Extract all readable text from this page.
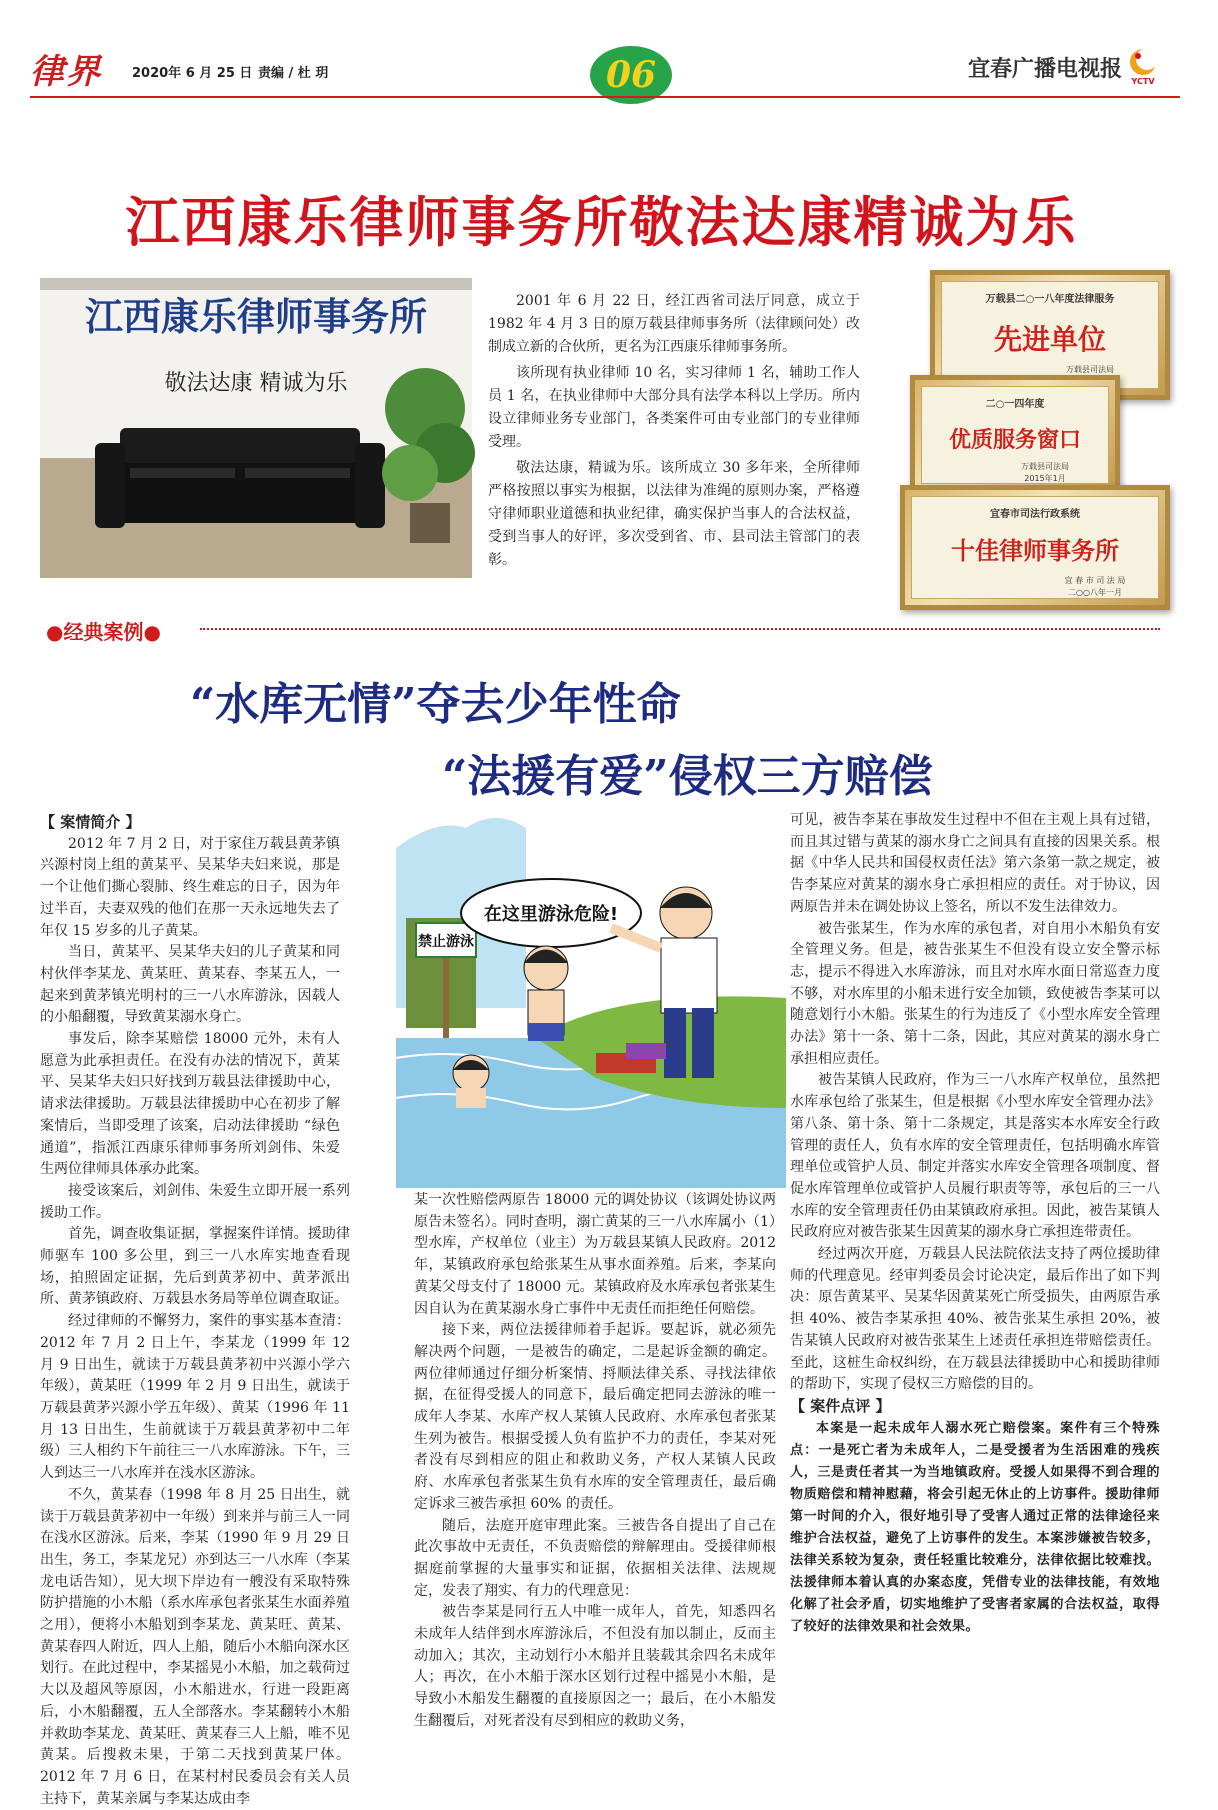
律界 2020年 6 月 25 日 责编 / 杜 玥	06	宜春广播电视报 YCTV
江西康乐律师事务所敬法达康精诚为乐
江西康乐律师事务所
敬法达康 精诚为乐

2001 年 6 月 22 日，经江西省司法厅同意，成立于 1982 年 4 月 3 日的原万载县律师事务所（法律顾问处）改制成立新的合伙所，更名为江西康乐律师事务所。

该所现有执业律师 10 名，实习律师 1 名，辅助工作人员 1 名，在执业律师中大部分具有法学本科以上学历。所内设立律师业务专业部门，各类案件可由专业部门的专业律师受理。

敬法达康，精诚为乐。该所成立 30 多年来，全所律师严格按照以事实为根据，以法律为准绳的原则办案，严格遵守律师职业道德和执业纪律，确实保护当事人的合法权益，受到当事人的好评，多次受到省、市、县司法主管部门的表彰。

万载县二○一八年度法律服务
先进单位
万载县司法局
二○一四年度
优质服务窗口
万载县司法局
2015年1月
宜春市司法行政系统
十佳律师事务所
宜 春 市 司 法 局
二○○八年一月
●经典案例●
“水库无情”夺去少年性命
“法援有爱”侵权三方赔偿
【 案情简介 】

2012 年 7 月 2 日，对于家住万载县黄茅镇兴源村岗上组的黄某平、吴某华夫妇来说，那是一个让他们撕心裂肺、终生难忘的日子，因为年过半百，夫妻双残的他们在那一天永远地失去了年仅 15 岁多的儿子黄某。

当日，黄某平、吴某华夫妇的儿子黄某和同村伙伴李某龙、黄某旺、黄某春、李某五人，一起来到黄茅镇光明村的三一八水库游泳，因载人的小船翻覆，导致黄某溺水身亡。

事发后，除李某赔偿 18000 元外，未有人愿意为此承担责任。在没有办法的情况下，黄某平、吴某华夫妇只好找到万载县法律援助中心，请求法律援助。万载县法律援助中心在初步了解案情后，当即受理了该案，启动法律援助 “绿色通道”，指派江西康乐律师事务所刘剑伟、朱爱生两位律师具体承办此案。

接受该案后，刘剑伟、朱爱生立即开展一系列援助工作。

首先，调查收集证据，掌握案件详情。援助律师驱车 100 多公里，到三一八水库实地查看现场，拍照固定证据，先后到黄茅初中、黄茅派出所、黄茅镇政府、万载县水务局等单位调查取证。

经过律师的不懈努力，案件的事实基本查清：2012 年 7 月 2 日上午，李某龙（1999 年 12 月 9 日出生，就读于万载县黄茅初中兴源小学六年级），黄某旺（1999 年 2 月 9 日出生，就读于万载县黄茅兴源小学五年级）、黄某（1996 年 11 月 13 日出生，生前就读于万载县黄茅初中二年级）三人相约下午前往三一八水库游泳。下午，三人到达三一八水库并在浅水区游泳。

不久，黄某春（1998 年 8 月 25 日出生，就读于万载县黄茅初中一年级）到来并与前三人一同在浅水区游泳。后来，李某（1990 年 9 月 29 日出生，务工，李某龙兄）亦到达三一八水库（李某龙电话告知），见大坝下岸边有一艘没有采取特殊防护措施的小木船（系水库承包者张某生水面养殖之用），便将小木船划到李某龙、黄某旺、黄某、黄某春四人附近，四人上船，随后小木船向深水区划行。在此过程中，李某摇晃小木船，加之载荷过大以及超风等原因，小木船进水，行进一段距离后，小木船翻覆，五人全部落水。李某翻转小木船并救助李某龙、黄某旺、黄某春三人上船，唯不见黄某。后搜救未果，于第二天找到黄某尸体。2012 年 7 月 6 日，在某村村民委员会有关人员主持下，黄某亲属与李某达成由李

禁止游泳
在这里游泳危险!

某一次性赔偿两原告 18000 元的调处协议（该调处协议两原告未签名）。同时查明，溺亡黄某的三一八水库属小（1）型水库，产权单位（业主）为万载县某镇人民政府。2012 年，某镇政府承包给张某生从事水面养殖。后来，李某向黄某父母支付了 18000 元。某镇政府及水库承包者张某生因自认为在黄某溺水身亡事件中无责任而拒绝任何赔偿。

接下来，两位法援律师着手起诉。要起诉，就必须先解决两个问题，一是被告的确定，二是起诉金额的确定。两位律师通过仔细分析案情、捋顺法律关系、寻找法律依据，在征得受援人的同意下，最后确定把同去游泳的唯一成年人李某、水库产权人某镇人民政府、水库承包者张某生列为被告。根据受援人负有监护不力的责任，李某对死者没有尽到相应的阻止和救助义务，产权人某镇人民政府、水库承包者张某生负有水库的安全管理责任，最后确定诉求三被告承担 60% 的责任。

随后，法庭开庭审理此案。三被告各自提出了自己在此次事故中无责任，不负责赔偿的辩解理由。受援律师根据庭前掌握的大量事实和证据，依据相关法律、法规规定，发表了翔实、有力的代理意见：

被告李某是同行五人中唯一成年人，首先，知悉四名未成年人结伴到水库游泳后，不但没有加以制止，反而主动加入；其次，主动划行小木船并且装载其余四名未成年人；再次，在小木船于深水区划行过程中摇晃小木船，是导致小木船发生翻覆的直接原因之一；最后，在小木船发生翻覆后，对死者没有尽到相应的救助义务，

可见，被告李某在事故发生过程中不但在主观上具有过错，而且其过错与黄某的溺水身亡之间具有直接的因果关系。根据《中华人民共和国侵权责任法》第六条第一款之规定，被告李某应对黄某的溺水身亡承担相应的责任。对于协议，因两原告并未在调处协议上签名，所以不发生法律效力。

被告张某生，作为水库的承包者，对自用小木船负有安全管理义务。但是，被告张某生不但没有设立安全警示标志，提示不得进入水库游泳，而且对水库水面日常巡查力度不够，对水库里的小船未进行安全加锁，致使被告李某可以随意划行小木船。张某生的行为违反了《小型水库安全管理办法》第十一条、第十二条，因此，其应对黄某的溺水身亡承担相应责任。

被告某镇人民政府，作为三一八水库产权单位，虽然把水库承包给了张某生，但是根据《小型水库安全管理办法》第八条、第十条、第十二条规定，其是落实本水库安全行政管理的责任人，负有水库的安全管理责任，包括明确水库管理单位或管护人员、制定并落实水库安全管理各项制度、督促水库管理单位或管护人员履行职责等等，承包后的三一八水库的安全管理责任仍由某镇政府承担。因此，被告某镇人民政府应对被告张某生因黄某的溺水身亡承担连带责任。

经过两次开庭，万载县人民法院依法支持了两位援助律师的代理意见。经审判委员会讨论决定，最后作出了如下判决：原告黄某平、吴某华因黄某死亡所受损失，由两原告承担 40%、被告李某承担 40%、被告张某生承担 20%，被告某镇人民政府对被告张某生上述责任承担连带赔偿责任。至此，这桩生命权纠纷，在万载县法律援助中心和援助律师的帮助下，实现了侵权三方赔偿的目的。

【 案件点评 】

本案是一起未成年人溺水死亡赔偿案。案件有三个特殊点：一是死亡者为未成年人，二是受援者为生活困难的残疾人，三是责任者其一为当地镇政府。受援人如果得不到合理的物质赔偿和精神慰藉，将会引起无休止的上访事件。援助律师第一时间的介入，很好地引导了受害人通过正常的法律途径来维护合法权益，避免了上访事件的发生。本案涉嫌被告较多，法律关系较为复杂，责任轻重比较难分，法律依据比较难找。法援律师本着认真的办案态度，凭借专业的法律技能，有效地化解了社会矛盾，切实地维护了受害者家属的合法权益，取得了较好的法律效果和社会效果。
